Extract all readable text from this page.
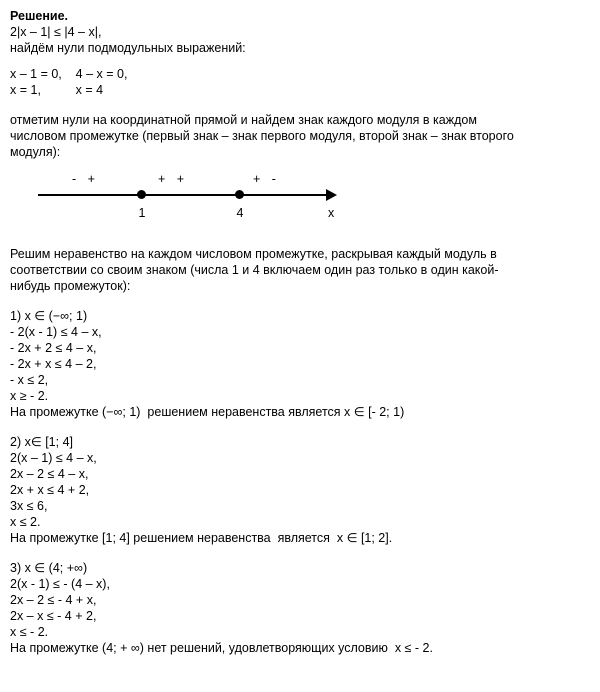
Решение.
2|x – 1| ≤ |4 – x|,
найдём нули подмодульных выражений:
x – 1 = 0,    4 – x = 0,
x = 1,          x = 4
отметим нули на координатной прямой и найдем знак каждого модуля в каждом
числовом промежутке (первый знак – знак первого модуля, второй знак – знак второго
модуля):
- +	+ +	+ -
1	4	x
Решим неравенство на каждом числовом промежутке, раскрывая каждый модуль в
соответствии со своим знаком (числа 1 и 4 включаем один раз только в один какой-
нибудь промежуток):
1) x ∈ (−∞; 1)
- 2(x - 1) ≤ 4 – x,
- 2x + 2 ≤ 4 – x,
- 2x + x ≤ 4 – 2,
- x ≤ 2,
x ≥ - 2.
На промежутке (−∞; 1)  решением неравенства является x ∈ [- 2; 1)
2) x∈ [1; 4]
2(x – 1) ≤ 4 – x,
2x – 2 ≤ 4 – x,
2x + x ≤ 4 + 2,
3x ≤ 6,
x ≤ 2.
На промежутке [1; 4] решением неравенства  является  x ∈ [1; 2].
3) x ∈ (4; +∞)
2(x - 1) ≤ - (4 – x),
2x – 2 ≤ - 4 + x,
2x – x ≤ - 4 + 2,
x ≤ - 2.
На промежутке (4; + ∞) нет решений, удовлетворяющих условию  x ≤ - 2.
